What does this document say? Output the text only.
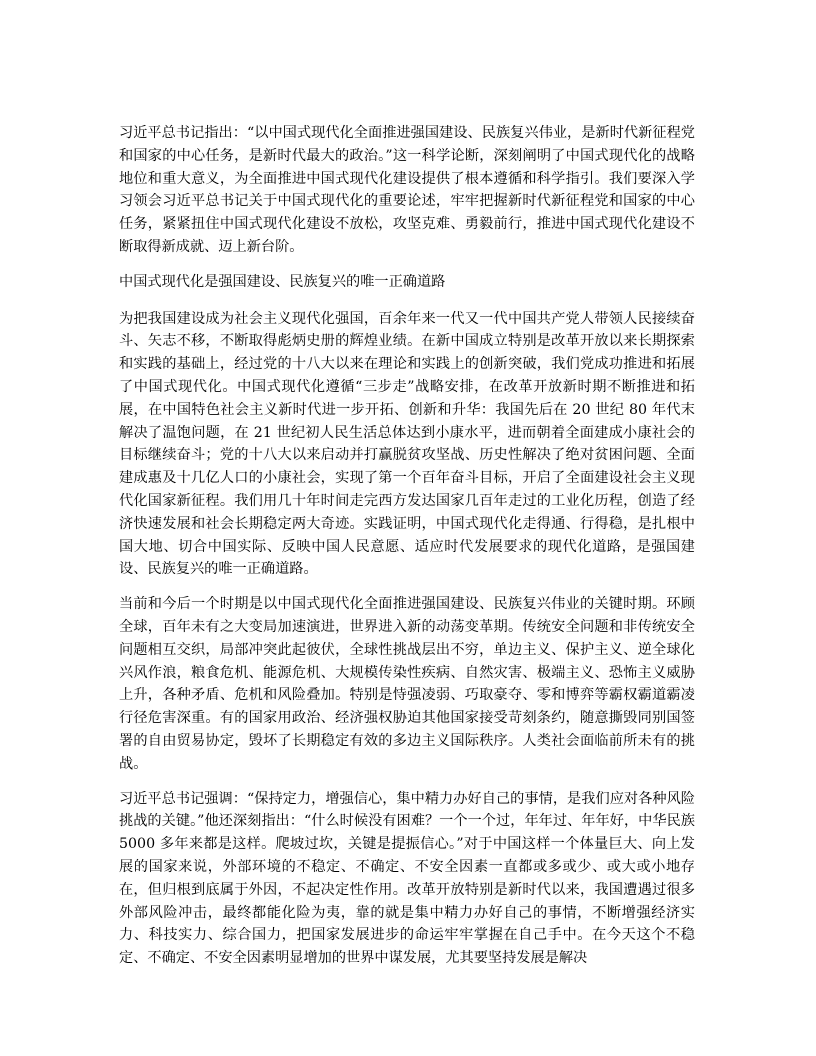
习近平总书记指出：“以中国式现代化全面推进强国建设、民族复兴伟业，是新时代新征程党和国家的中心任务，是新时代最大的政治。”这一科学论断，深刻阐明了中国式现代化的战略地位和重大意义，为全面推进中国式现代化建设提供了根本遵循和科学指引。我们要深入学习领会习近平总书记关于中国式现代化的重要论述，牢牢把握新时代新征程党和国家的中心任务，紧紧扭住中国式现代化建设不放松，攻坚克难、勇毅前行，推进中国式现代化建设不断取得新成就、迈上新台阶。

中国式现代化是强国建设、民族复兴的唯一正确道路

为把我国建设成为社会主义现代化强国，百余年来一代又一代中国共产党人带领人民接续奋斗、矢志不移，不断取得彪炳史册的辉煌业绩。在新中国成立特别是改革开放以来长期探索和实践的基础上，经过党的十八大以来在理论和实践上的创新突破，我们党成功推进和拓展了中国式现代化。中国式现代化遵循“三步走”战略安排，在改革开放新时期不断推进和拓展，在中国特色社会主义新时代进一步开拓、创新和升华：我国先后在 20 世纪 80 年代末解决了温饱问题，在 21 世纪初人民生活总体达到小康水平，进而朝着全面建成小康社会的目标继续奋斗；党的十八大以来启动并打赢脱贫攻坚战、历史性解决了绝对贫困问题、全面建成惠及十几亿人口的小康社会，实现了第一个百年奋斗目标，开启了全面建设社会主义现代化国家新征程。我们用几十年时间走完西方发达国家几百年走过的工业化历程，创造了经济快速发展和社会长期稳定两大奇迹。实践证明，中国式现代化走得通、行得稳，是扎根中国大地、切合中国实际、反映中国人民意愿、适应时代发展要求的现代化道路，是强国建设、民族复兴的唯一正确道路。

当前和今后一个时期是以中国式现代化全面推进强国建设、民族复兴伟业的关键时期。环顾全球，百年未有之大变局加速演进，世界进入新的动荡变革期。传统安全问题和非传统安全问题相互交织，局部冲突此起彼伏，全球性挑战层出不穷，单边主义、保护主义、逆全球化兴风作浪，粮食危机、能源危机、大规模传染性疾病、自然灾害、极端主义、恐怖主义威胁上升，各种矛盾、危机和风险叠加。特别是恃强凌弱、巧取豪夺、零和博弈等霸权霸道霸凌行径危害深重。有的国家用政治、经济强权胁迫其他国家接受苛刻条约，随意撕毁同别国签署的自由贸易协定，毁坏了长期稳定有效的多边主义国际秩序。人类社会面临前所未有的挑战。

习近平总书记强调：“保持定力，增强信心，集中精力办好自己的事情，是我们应对各种风险挑战的关键。”他还深刻指出：“什么时候没有困难？一个一个过，年年过、年年好，中华民族 5000 多年来都是这样。爬坡过坎，关键是提振信心。”对于中国这样一个体量巨大、向上发展的国家来说，外部环境的不稳定、不确定、不安全因素一直都或多或少、或大或小地存在，但归根到底属于外因，不起决定性作用。改革开放特别是新时代以来，我国遭遇过很多外部风险冲击，最终都能化险为夷，靠的就是集中精力办好自己的事情，不断增强经济实力、科技实力、综合国力，把国家发展进步的命运牢牢掌握在自己手中。在今天这个不稳定、不确定、不安全因素明显增加的世界中谋发展，尤其要坚持发展是解决
